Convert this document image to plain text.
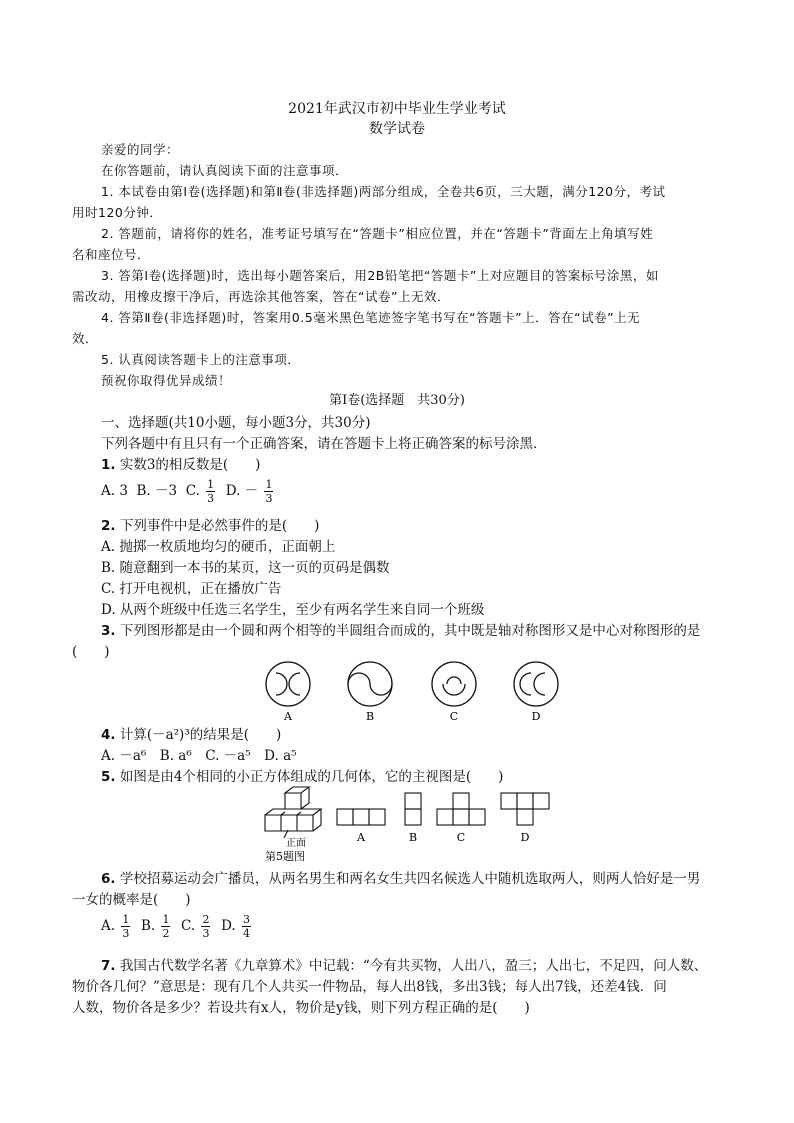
2021年武汉市初中毕业生学业考试
数学试卷

亲爱的同学：

在你答题前，请认真阅读下面的注意事项．

1. 本试卷由第Ⅰ卷(选择题)和第Ⅱ卷(非选择题)两部分组成，全卷共6页，三大题，满分120分，考试

用时120分钟．

2. 答题前，请将你的姓名，准考证号填写在“答题卡”相应位置，并在“答题卡”背面左上角填写姓

名和座位号．

3. 答第Ⅰ卷(选择题)时，选出每小题答案后，用2B铅笔把“答题卡”上对应题目的答案标号涂黑，如

需改动，用橡皮擦干净后，再选涂其他答案，答在“试卷”上无效．

4. 答第Ⅱ卷(非选择题)时，答案用0.5毫米黑色笔迹签字笔书写在“答题卡”上．答在“试卷”上无

效．

5. 认真阅读答题卡上的注意事项．

预祝你取得优异成绩！

第Ⅰ卷(选择题　共30分)
一、选择题(共10小题，每小题3分，共30分)
下列各题中有且只有一个正确答案，请在答题卡上将正确答案的标号涂黑．
1. 实数3的相反数是(　　)
A. 3 B. －3 C. $\frac{1}{3} D$. － $\frac{1}{3}$
2. 下列事件中是必然事件的是(　　)
A. 抛掷一枚质地均匀的硬币，正面朝上
B. 随意翻到一本书的某页，这一页的页码是偶数
C. 打开电视机，正在播放广告
D. 从两个班级中任选三名学生，至少有两名学生来自同一个班级
3. 下列图形都是由一个圆和两个相等的半圆组合而成的，其中既是轴对称图形又是中心对称图形的是
(　　)
A	B	C	D
4. 计算(－a²)³的结果是(　　)
A. －a⁶　B. a⁶　C. －a⁵　D. a⁵
5. 如图是由4个相同的小正方体组成的几何体，它的主视图是(　　)
正面
第5题图
A	B	C	D
6. 学校招募运动会广播员，从两名男生和两名女生共四名候选人中随机选取两人，则两人恰好是一男
一女的概率是(　　)
A. $\frac{1}{3} B$. $\frac{1}{2} C$. $\frac{2}{3} D$. $\frac{3}{4}$
7. 我国古代数学名著《九章算术》中记载：“今有共买物，人出八，盈三；人出七，不足四，问人数、
物价各几何？”意思是：现有几个人共买一件物品，每人出8钱，多出3钱；每人出7钱，还差4钱．问
人数，物价各是多少？若设共有x人，物价是y钱，则下列方程正确的是(　　)
